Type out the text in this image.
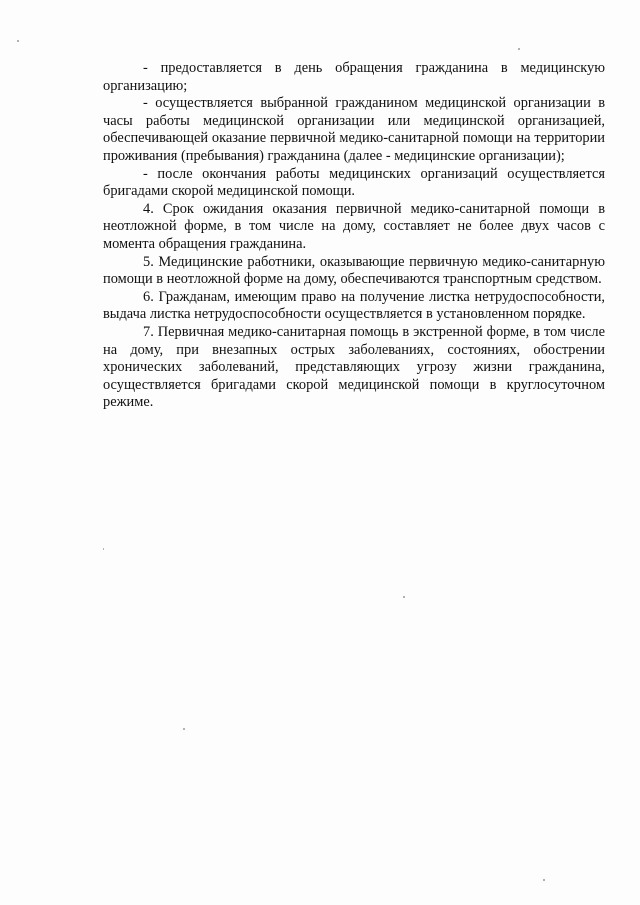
- предоставляется в день обращения гражданина в медицинскую организацию;

- осуществляется выбранной гражданином медицинской организации в часы работы медицинской организации или медицинской организацией, обеспечивающей оказание первичной медико-санитарной помощи на территории проживания (пребывания) гражданина (далее - медицинские организации);

- после окончания работы медицинских организаций осуществляется бригадами скорой медицинской помощи.

4. Срок ожидания оказания первичной медико-санитарной помощи в неотложной форме, в том числе на дому, составляет не более двух часов с момента обращения гражданина.

5. Медицинские работники, оказывающие первичную медико-санитарную помощи в неотложной форме на дому, обеспечиваются транспортным средством.

6. Гражданам, имеющим право на получение листка нетрудоспособности, выдача листка нетрудоспособности осуществляется в установленном порядке.

7. Первичная медико-санитарная помощь в экстренной форме, в том числе на дому, при внезапных острых заболеваниях, состояниях, обострении хронических заболеваний, представляющих угрозу жизни гражданина, осуществляется бригадами скорой медицинской помощи в круглосуточном режиме.
